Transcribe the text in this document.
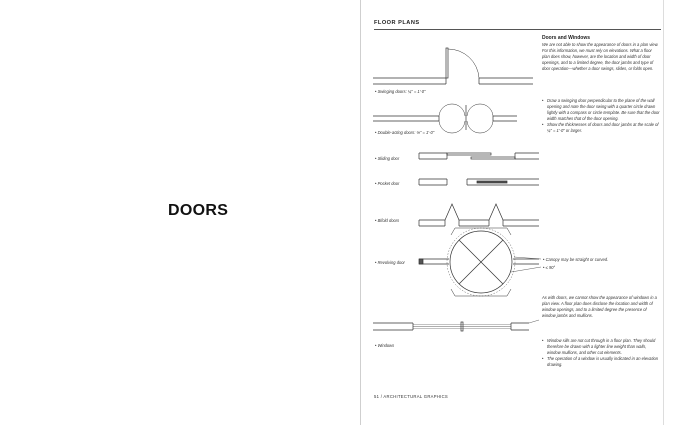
DOORS
FLOOR PLANS
Doors and Windows
We are not able to show the appearance of doors in a plan view. For this information, we must rely on elevations. What a floor plan does show, however, are the location and width of door openings, and to a limited degree, the door jambs and type of door operation—whether a door swings, slides, or folds open.
• Draw a swinging door perpendicular to the plane of the wall opening and note the door swing with a quarter circle drawn lightly with a compass or circle template. Be sure that the door width matches that of the door opening.
• Show the thicknesses of doors and door jambs at the scale of ¼" = 1'-0" or larger.
• Swinging doors: ¼" = 1'-0"
• Double-acting doors: ⅛" = 1'-0"
• Sliding door
• Pocket door
• Bifold doors
• Revolving door
• Canopy may be straight or curved.
• ≤ 90°
As with doors, we cannot show the appearance of windows in a plan view. A floor plan does disclose the location and width of window openings, and to a limited degree the presence of window jambs and mullions.
• Window sills are not cut through in a floor plan. They should therefore be drawn with a lighter line weight than walls, window mullions, and other cut elements.
• The operation of a window is usually indicated in an elevation drawing.
• Windows
51 / ARCHITECTURAL GRAPHICS
